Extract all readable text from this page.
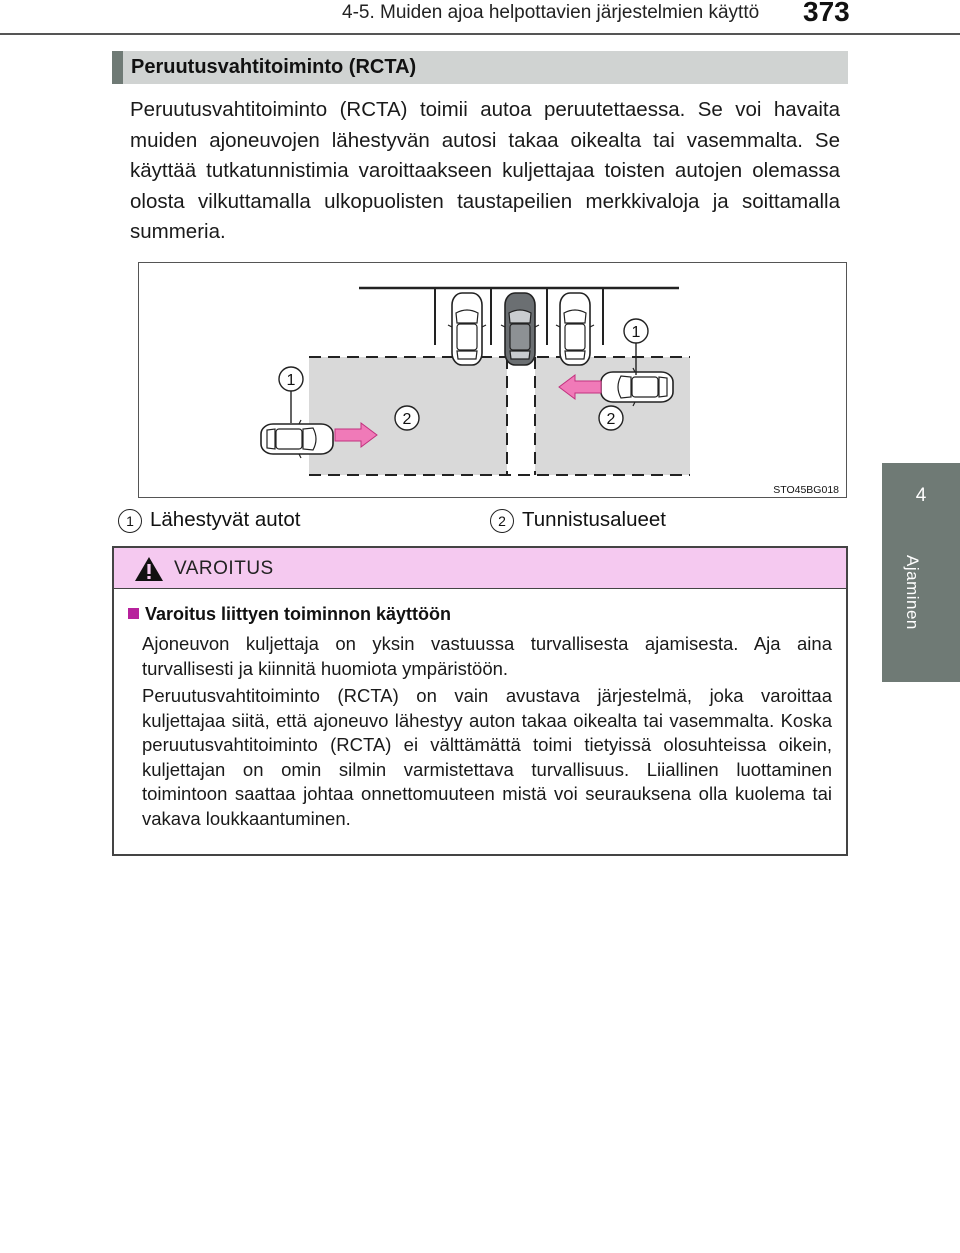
4-5. Muiden ajoa helpottavien järjestelmien käyttö 373
4
Ajaminen
Peruutusvahtitoiminto (RCTA)
Peruutusvahtitoiminto (RCTA) toimii autoa peruutettaessa. Se voi havaita muiden ajoneuvojen lähestyvän autosi takaa oikealta tai vasemmalta. Se käyttää tutkatunnistimia varoittaakseen kuljettajaa toisten autojen olemassa olosta vilkuttamalla ulkopuolisten taustapeilien merkkivaloja ja soittamalla summeria.
1
1
2	2
STO45BG018
1 Lähestyvät autot	2 Tunnistusalueet
VAROITUS
Varoitus liittyen toiminnon käyttöön
Ajoneuvon kuljettaja on yksin vastuussa turvallisesta ajamisesta. Aja aina turvallisesti ja kiinnitä huomiota ympäristöön.
Peruutusvahtitoiminto (RCTA) on vain avustava järjestelmä, joka varoittaa kuljettajaa siitä, että ajoneuvo lähestyy auton takaa oikealta tai vasemmalta. Koska peruutusvahtitoiminto (RCTA) ei välttämättä toimi tietyissä olosuhteissa oikein, kuljettajan on omin silmin varmistettava turvallisuus. Liiallinen luottaminen toimintoon saattaa johtaa onnettomuuteen mistä voi seurauksena olla kuolema tai vakava loukkaantuminen.
